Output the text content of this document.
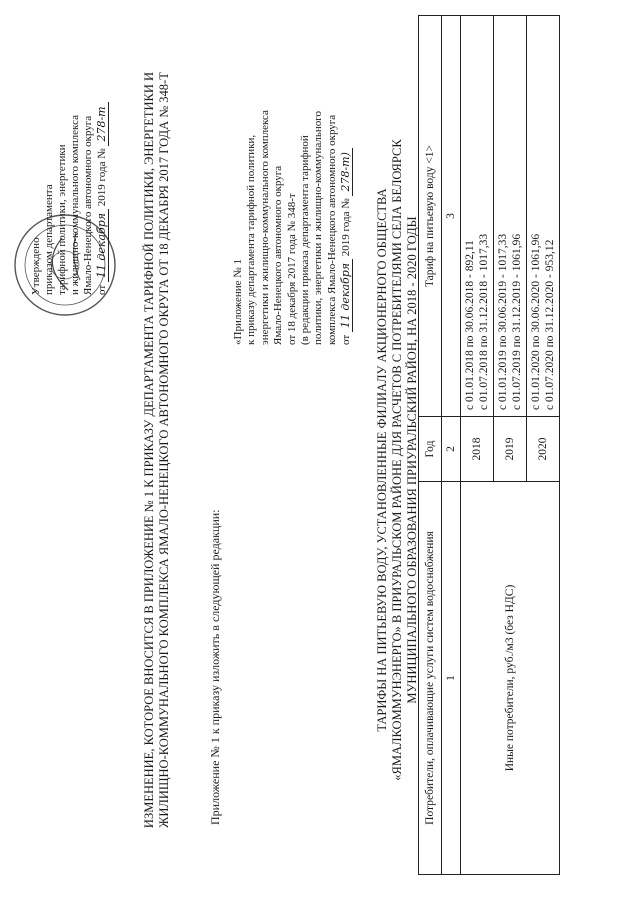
Утверждено приказом департамента тарифной политики, энергетики и жилищно-коммунального комплекса Ямало-Ненецкого автономного округа от 11 декабря 2019 года № 278-т	ИЗМЕНЕНИЕ, КОТОРОЕ ВНОСИТСЯ В ПРИЛОЖЕНИЕ № 1 К ПРИКАЗУ ДЕПАРТАМЕНТА ТАРИФНОЙ ПОЛИТИКИ, ЭНЕРГЕТИКИ И ЖИЛИЩНО-КОММУНАЛЬНОГО КОМПЛЕКСА ЯМАЛО-НЕНЕЦКОГО АВТОНОМНОГО ОКРУГА ОТ 18 ДЕКАБРЯ 2017 ГОДА № 348-Т	Приложение № 1 к приказу изложить в следующей редакции:
«Приложение № 1 к приказу департамента тарифной политики, энергетики и жилищно-коммунального комплекса Ямало-Ненецкого автономного округа от 18 декабря 2017 года № 348-т (в редакции приказа департамента тарифной политики, энергетики и жилищно-коммунального комплекса Ямало-Ненецкого автономного округа от 11 декабря 2019 года № 278-т)
ТАРИФЫ НА ПИТЬЕВУЮ ВОДУ, УСТАНОВЛЕННЫЕ ФИЛИАЛУ АКЦИОНЕРНОГО ОБЩЕСТВА «ЯМАЛКОММУНЭНЕРГО» В ПРИУРАЛЬСКОМ РАЙОНЕ ДЛЯ РАСЧЕТОВ С ПОТРЕБИТЕЛЯМИ СЕЛА БЕЛОЯРСК МУНИЦИПАЛЬНОГО ОБРАЗОВАНИЯ ПРИУРАЛЬСКИЙ РАЙОН, НА 2018 - 2020 ГОДЫ Потребители, оплачивающие услуги систем водоснабжения	Год	Тариф на питьевую воду <1>
1	2	3
Иные потребители, руб./м3 (без НДС)	2018	с 01.01.2018 по 30.06.2018 - 892,11 с 01.07.2018 по 31.12.2018 - 1017,33

	2019	с 01.01.2019 по 30.06.2019 - 1017,33 с 01.07.2019 по 31.12.2019 - 1061,96

	2020	с 01.01.2020 по 30.06.2020 - 1061,96 с 01.07.2020 по 31.12.2020 - 953,12
